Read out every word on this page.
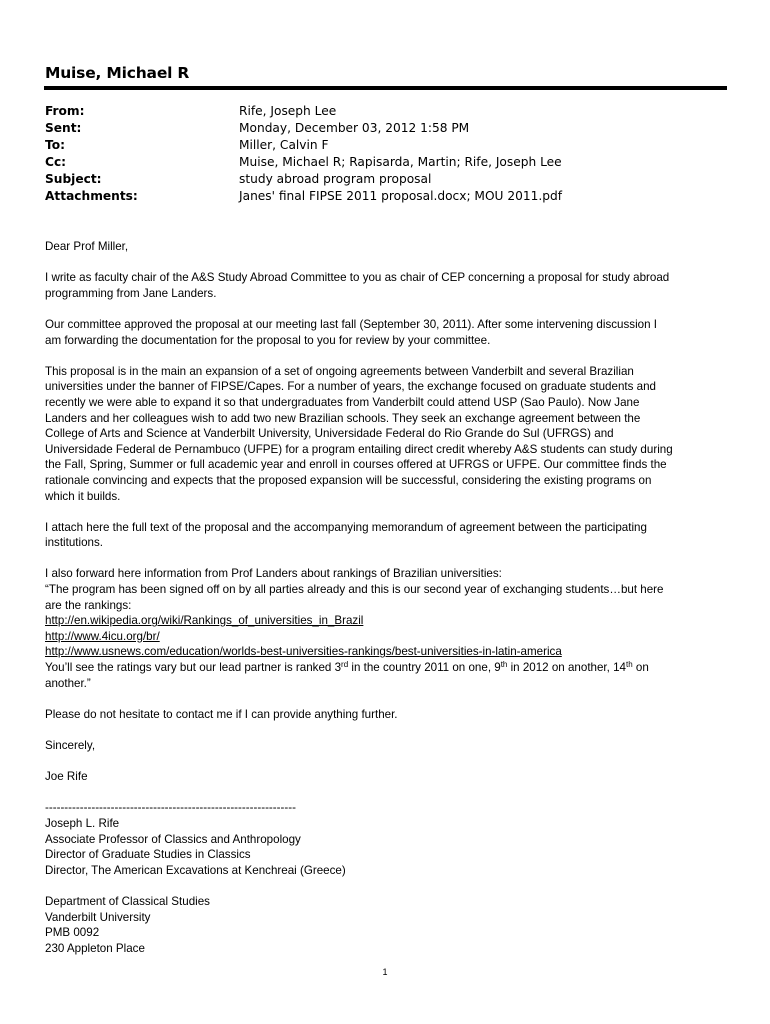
Muise, Michael R
From:	Rife, Joseph Lee
Sent:	Monday, December 03, 2012 1:58 PM
To:	Miller, Calvin F
Cc:	Muise, Michael R; Rapisarda, Martin; Rife, Joseph Lee
Subject:	study abroad program proposal
Attachments:	Janes' final FIPSE 2011 proposal.docx; MOU 2011.pdf

Dear Prof Miller,

I write as faculty chair of the A&S Study Abroad Committee to you as chair of CEP concerning a proposal for study abroad
programming from Jane Landers.

Our committee approved the proposal at our meeting last fall (September 30, 2011). After some intervening discussion I
am forwarding the documentation for the proposal to you for review by your committee.

This proposal is in the main an expansion of a set of ongoing agreements between Vanderbilt and several Brazilian
universities under the banner of FIPSE/Capes. For a number of years, the exchange focused on graduate students and
recently we were able to expand it so that undergraduates from Vanderbilt could attend USP (Sao Paulo). Now Jane
Landers and her colleagues wish to add two new Brazilian schools. They seek an exchange agreement between the
College of Arts and Science at Vanderbilt University, Universidade Federal do Rio Grande do Sul (UFRGS) and
Universidade Federal de Pernambuco (UFPE) for a program entailing direct credit whereby A&S students can study during
the Fall, Spring, Summer or full academic year and enroll in courses offered at UFRGS or UFPE. Our committee finds the
rationale convincing and expects that the proposed expansion will be successful, considering the existing programs on
which it builds.

I attach here the full text of the proposal and the accompanying memorandum of agreement between the participating
institutions.

I also forward here information from Prof Landers about rankings of Brazilian universities:
“The program has been signed off on by all parties already and this is our second year of exchanging students…but here
are the rankings:
http://en.wikipedia.org/wiki/Rankings_of_universities_in_Brazil
http://www.4icu.org/br/
http://www.usnews.com/education/worlds-best-universities-rankings/best-universities-in-latin-america
You’ll see the ratings vary but our lead partner is ranked 3rd in the country 2011 on one, 9th in 2012 on another, 14th on
another.”

Please do not hesitate to contact me if I can provide anything further.

Sincerely,

Joe Rife

-----------------------------------------------------------------
Joseph L. Rife
Associate Professor of Classics and Anthropology
Director of Graduate Studies in Classics
Director, The American Excavations at Kenchreai (Greece)

Department of Classical Studies
Vanderbilt University
PMB 0092
230 Appleton Place

1
